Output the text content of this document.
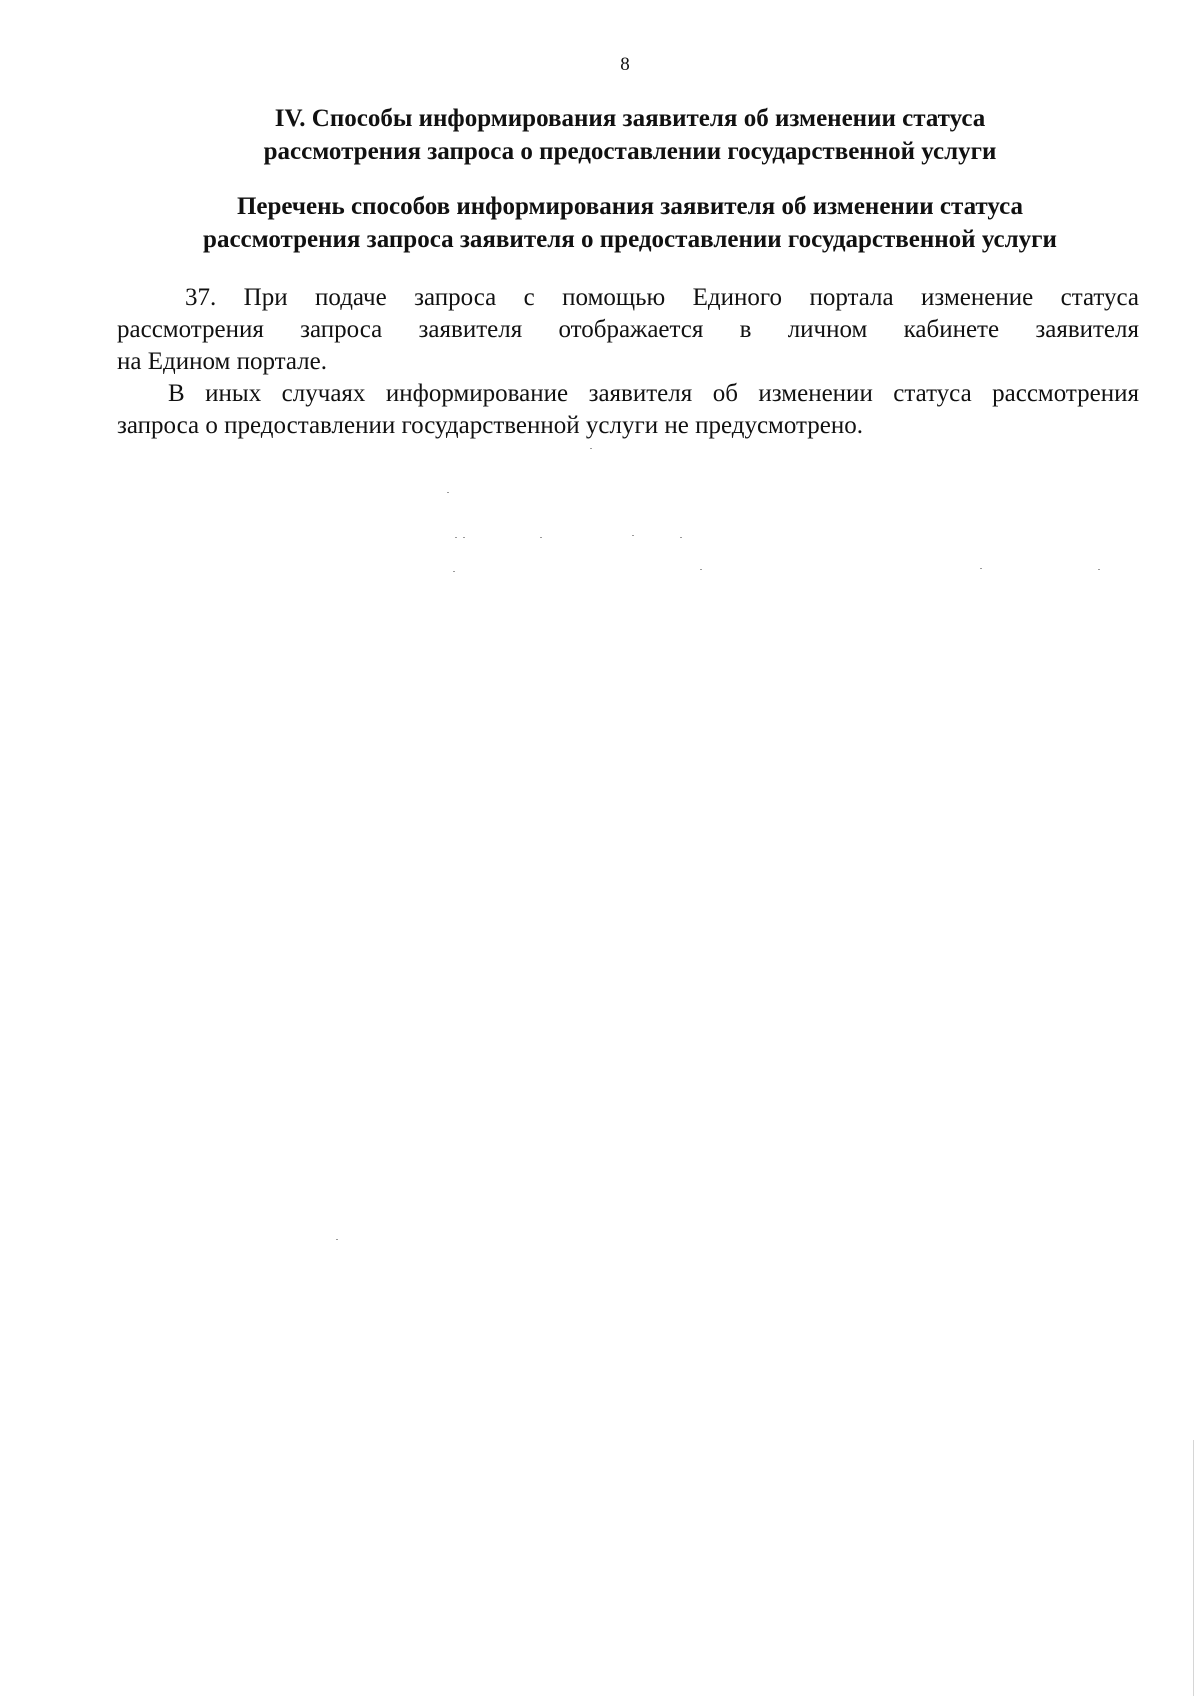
8
IV. Способы информирования заявителя об изменении статуса
рассмотрения запроса о предоставлении государственной услуги
Перечень способов информирования заявителя об изменении статуса
рассмотрения запроса заявителя о предоставлении государственной услуги
37. При подаче запроса с помощью Единого портала изменение статуса
рассмотрения запроса заявителя отображается в личном кабинете заявителя
на Едином портале.
В иных случаях информирование заявителя об изменении статуса рассмотрения
запроса о предоставлении государственной услуги не предусмотрено.
